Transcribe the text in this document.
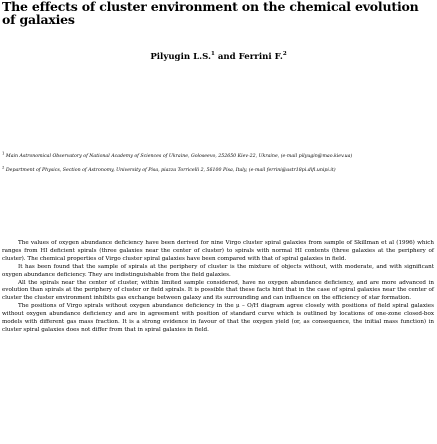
The effects of cluster environment on the chemical evolution of galaxies
Pilyugin L.S.$^1$ and Ferrini F.$^2$
$^1$ Main Astronomical Observatory of National Academy of Sciences of Ukraine, Goloseevo, 252650 Kiev-22, Ukraine, (e-mail pilyugin@mao.kiev.ua)
$^2$ Department of Physics, Section of Astronomy, University of Pisa, piazza Torricelli 2, 56100 Pisa, Italy, (e-mail ferrini@astr18pi.difi.unipi.it)

The values of oxygen abundance deficiency have been derived for nine Virgo cluster spiral galaxies from sample of Skillman et al (1996) which ranges from HI deficient spirals (three galaxies near the center of cluster) to spirals with normal HI contents (three galaxies at the periphery of cluster). The chemical properties of Virgo cluster spiral galaxies have been compared with that of spiral galaxies in field.

It has been found that the sample of spirals at the periphery of cluster is the mixture of objects without, with moderate, and with significant oxygen abundance deficiency. They are indistinguishable from the field galaxies.

All the spirals near the center of cluster, within limited sample considered, have no oxygen abundance deficiency, and are more advanced in evolution than spirals at the periphery of cluster or field spirals. It is possible that these facts hint that in the case of spiral galaxies near the center of cluster the cluster environment inhibits gas exchange between galaxy and its surrounding and can influence on the efficiency of star formation.

The positions of Virgo spirals without oxygen abundance deficiency in the μ – O/H diagram agree closely with positions of field spiral galaxies without oxygen abundance deficiency and are in agreement with position of standard curve which is outlined by locations of one-zone closed-box models with different gas mass fraction. It is a strong evidence in favour of that the oxygen yield (or, as consequence, the initial mass function) in cluster spiral galaxies does not differ from that in spiral galaxies in field.
